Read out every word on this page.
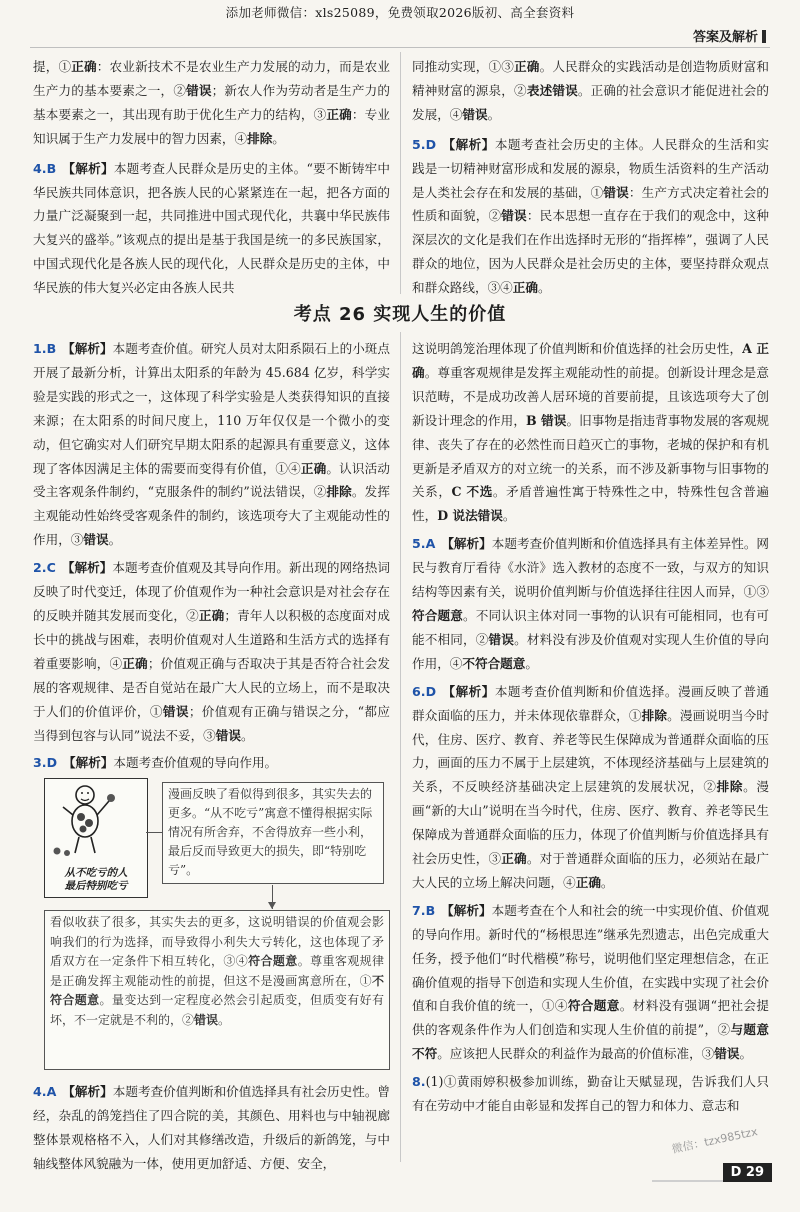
添加老师微信：xls25089，免费领取2026版初、高全套资料
答案及解析

提，①正确：农业新技术不是农业生产力发展的动力，而是农业生产力的基本要素之一，②错误；新农人作为劳动者是生产力的基本要素之一，其出现有助于优化生产力的结构，③正确：专业知识属于生产力发展中的智力因素，④排除。

4.B 【解析】本题考查人民群众是历史的主体。“要不断铸牢中华民族共同体意识，把各族人民的心紧紧连在一起，把各方面的力量广泛凝聚到一起，共同推进中国式现代化，共襄中华民族伟大复兴的盛举。”该观点的提出是基于我国是统一的多民族国家，中国式现代化是各族人民的现代化，人民群众是历史的主体，中华民族的伟大复兴必定由各族人民共

同推动实现，①③正确。人民群众的实践活动是创造物质财富和精神财富的源泉，②表述错误。正确的社会意识才能促进社会的发展，④错误。

5.D 【解析】本题考查社会历史的主体。人民群众的生活和实践是一切精神财富形成和发展的源泉，物质生活资料的生产活动是人类社会存在和发展的基础，①错误：生产方式决定着社会的性质和面貌，②错误：民本思想一直存在于我们的观念中，这种深层次的文化是我们在作出选择时无形的“指挥棒”，强调了人民群众的地位，因为人民群众是社会历史的主体，要坚持群众观点和群众路线，③④正确。

考点 26 实现人生的价值

1.B 【解析】本题考查价值。研究人员对太阳系陨石上的小斑点开展了最新分析，计算出太阳系的年龄为 45.684 亿岁，科学实验是实践的形式之一，这体现了科学实验是人类获得知识的直接来源；在太阳系的时间尺度上，110 万年仅仅是一个微小的变动，但它确实对人们研究早期太阳系的起源具有重要意义，这体现了客体因满足主体的需要而变得有价值，①④正确。认识活动受主客观条件制约，“克服条件的制约”说法错误，②排除。发挥主观能动性始终受客观条件的制约，该选项夸大了主观能动性的作用，③错误。

2.C 【解析】本题考查价值观及其导向作用。新出现的网络热词反映了时代变迁，体现了价值观作为一种社会意识是对社会存在的反映并随其发展而变化，②正确；青年人以积极的态度面对成长中的挑战与困难，表明价值观对人生道路和生活方式的选择有着重要影响，④正确；价值观正确与否取决于其是否符合社会发展的客观规律、是否自觉站在最广大人民的立场上，而不是取决于人们的价值评价，①错误；价值观有正确与错误之分，“都应当得到包容与认同”说法不妥，③错误。

3.D 【解析】本题考查价值观的导向作用。

从不吃亏的人
最后特别吃亏
漫画反映了看似得到很多，其实失去的更多。“从不吃亏”寓意不懂得根据实际情况有所舍弃，不舍得放弃一些小利，最后反而导致更大的损失，即“特别吃亏”。
看似收获了很多，其实失去的更多，这说明错误的价值观会影响我们的行为选择，而导致得小利失大亏转化，这也体现了矛盾双方在一定条件下相互转化，③④符合题意。尊重客观规律是正确发挥主观能动性的前提，但这不是漫画寓意所在，①不符合题意。量变达到一定程度必然会引起质变，但质变有好有坏，不一定就是不利的，②错误。

4.A 【解析】本题考查价值判断和价值选择具有社会历史性。曾经，杂乱的鸽笼挡住了四合院的美，其颜色、用料也与中轴视廊整体景观格格不入，人们对其修缮改造，升级后的新鸽笼，与中轴线整体风貌融为一体，使用更加舒适、方便、安全，

这说明鸽笼治理体现了价值判断和价值选择的社会历史性，A 正确。尊重客观规律是发挥主观能动性的前提。创新设计理念是意识范畴，不是成功改善人居环境的首要前提，且该选项夸大了创新设计理念的作用，B 错误。旧事物是指违背事物发展的客观规律、丧失了存在的必然性而日趋灭亡的事物，老城的保护和有机更新是矛盾双方的对立统一的关系，而不涉及新事物与旧事物的关系，C 不选。矛盾普遍性寓于特殊性之中，特殊性包含普遍性，D 说法错误。

5.A 【解析】本题考查价值判断和价值选择具有主体差异性。网民与教育厅看待《水浒》选入教材的态度不一致，与双方的知识结构等因素有关，说明价值判断与价值选择往往因人而异，①③符合题意。不同认识主体对同一事物的认识有可能相同，也有可能不相同，②错误。材料没有涉及价值观对实现人生价值的导向作用，④不符合题意。

6.D 【解析】本题考查价值判断和价值选择。漫画反映了普通群众面临的压力，并未体现依靠群众，①排除。漫画说明当今时代，住房、医疗、教育、养老等民生保障成为普通群众面临的压力，画面的压力不属于上层建筑，不体现经济基础与上层建筑的关系，不反映经济基础决定上层建筑的发展状况，②排除。漫画“新的大山”说明在当今时代，住房、医疗、教育、养老等民生保障成为普通群众面临的压力，体现了价值判断与价值选择具有社会历史性，③正确。对于普通群众面临的压力，必须站在最广大人民的立场上解决问题，④正确。

7.B 【解析】本题考查在个人和社会的统一中实现价值、价值观的导向作用。新时代的“杨根思连”继承先烈遗志，出色完成重大任务，授予他们“时代楷模”称号，说明他们坚定理想信念，在正确价值观的指导下创造和实现人生价值，在实践中实现了社会价值和自我价值的统一，①④符合题意。材料没有强调“把社会提供的客观条件作为人们创造和实现人生价值的前提”，②与题意不符。应该把人民群众的利益作为最高的价值标准，③错误。

8.(1)①黄雨婷积极参加训练，勤奋让天赋显现，告诉我们人只有在劳动中才能自由彰显和发挥自己的智力和体力、意志和

微信：tzx985tzx
D 29
